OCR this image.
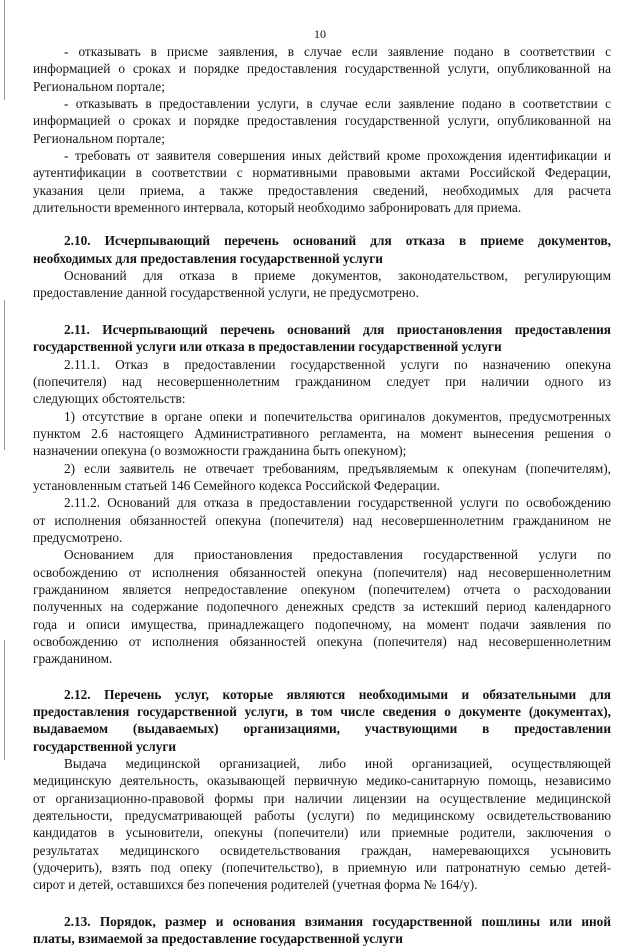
10
- отказывать в присме заявления, в случае если заявление подано в соответствии с
информацией о сроках и порядке предоставления государственной услуги, опубликованной на
Региональном портале;
- отказывать в предоставлении услуги, в случае если заявление подано в соответствии с
информацией о сроках и порядке предоставления государственной услуги, опубликованной на
Региональном портале;
- требовать от заявителя совершения иных действий кроме прохождения идентификации и
аутентификации в соответствии с нормативными правовыми актами Российской Федерации,
указания цели приема, а также предоставления сведений, необходимых для расчета
длительности временного интервала, который необходимо забронировать для приема.
2.10. Исчерпывающий перечень оснований для отказа в приеме документов,
необходимых для предоставления государственной услуги
Оснований для отказа в приеме документов, законодательством, регулирующим
предоставление данной государственной услуги, не предусмотрено.
2.11. Исчерпывающий перечень оснований для приостановления предоставления
государственной услуги или отказа в предоставлении государственной услуги
2.11.1. Отказ в предоставлении государственной услуги по назначению опекуна
(попечителя) над несовершеннолетним гражданином следует при наличии одного из
следующих обстоятельств:
1) отсутствие в органе опеки и попечительства оригиналов документов, предусмотренных
пунктом 2.6 настоящего Административного регламента, на момент вынесения решения о
назначении опекуна (о возможности гражданина быть опекуном);
2) если заявитель не отвечает требованиям, предъявляемым к опекунам (попечителям),
установленным статьей 146 Семейного кодекса Российской Федерации.
2.11.2. Оснований для отказа в предоставлении государственной услуги по освобождению
от исполнения обязанностей опекуна (попечителя) над несовершеннолетним гражданином не
предусмотрено.
Основанием для приостановления предоставления государственной услуги по
освобождению от исполнения обязанностей опекуна (попечителя) над несовершеннолетним
гражданином является непредоставление опекуном (попечителем) отчета о расходовании
полученных на содержание подопечного денежных средств за истекший период календарного
года и описи имущества, принадлежащего подопечному, на момент подачи заявления по
освобождению от исполнения обязанностей опекуна (попечителя) над несовершеннолетним
гражданином.
2.12. Перечень услуг, которые являются необходимыми и обязательными для
предоставления государственной услуги, в том числе сведения о документе (документах),
выдаваемом (выдаваемых) организациями, участвующими в предоставлении
государственной услуги
Выдача медицинской организацией, либо иной организацией, осуществляющей
медицинскую деятельность, оказывающей первичную медико-санитарную помощь, независимо
от организационно-правовой формы при наличии лицензии на осуществление медицинской
деятельности, предусматривающей работы (услуги) по медицинскому освидетельствованию
кандидатов в усыновители, опекуны (попечители) или приемные родители, заключения о
результатах медицинского освидетельствования граждан, намеревающихся усыновить
(удочерить), взять под опеку (попечительство), в приемную или патронатную семью детей-
сирот и детей, оставшихся без попечения родителей (учетная форма № 164/у).
2.13. Порядок, размер и основания взимания государственной пошлины или иной
платы, взимаемой за предоставление государственной услуги
